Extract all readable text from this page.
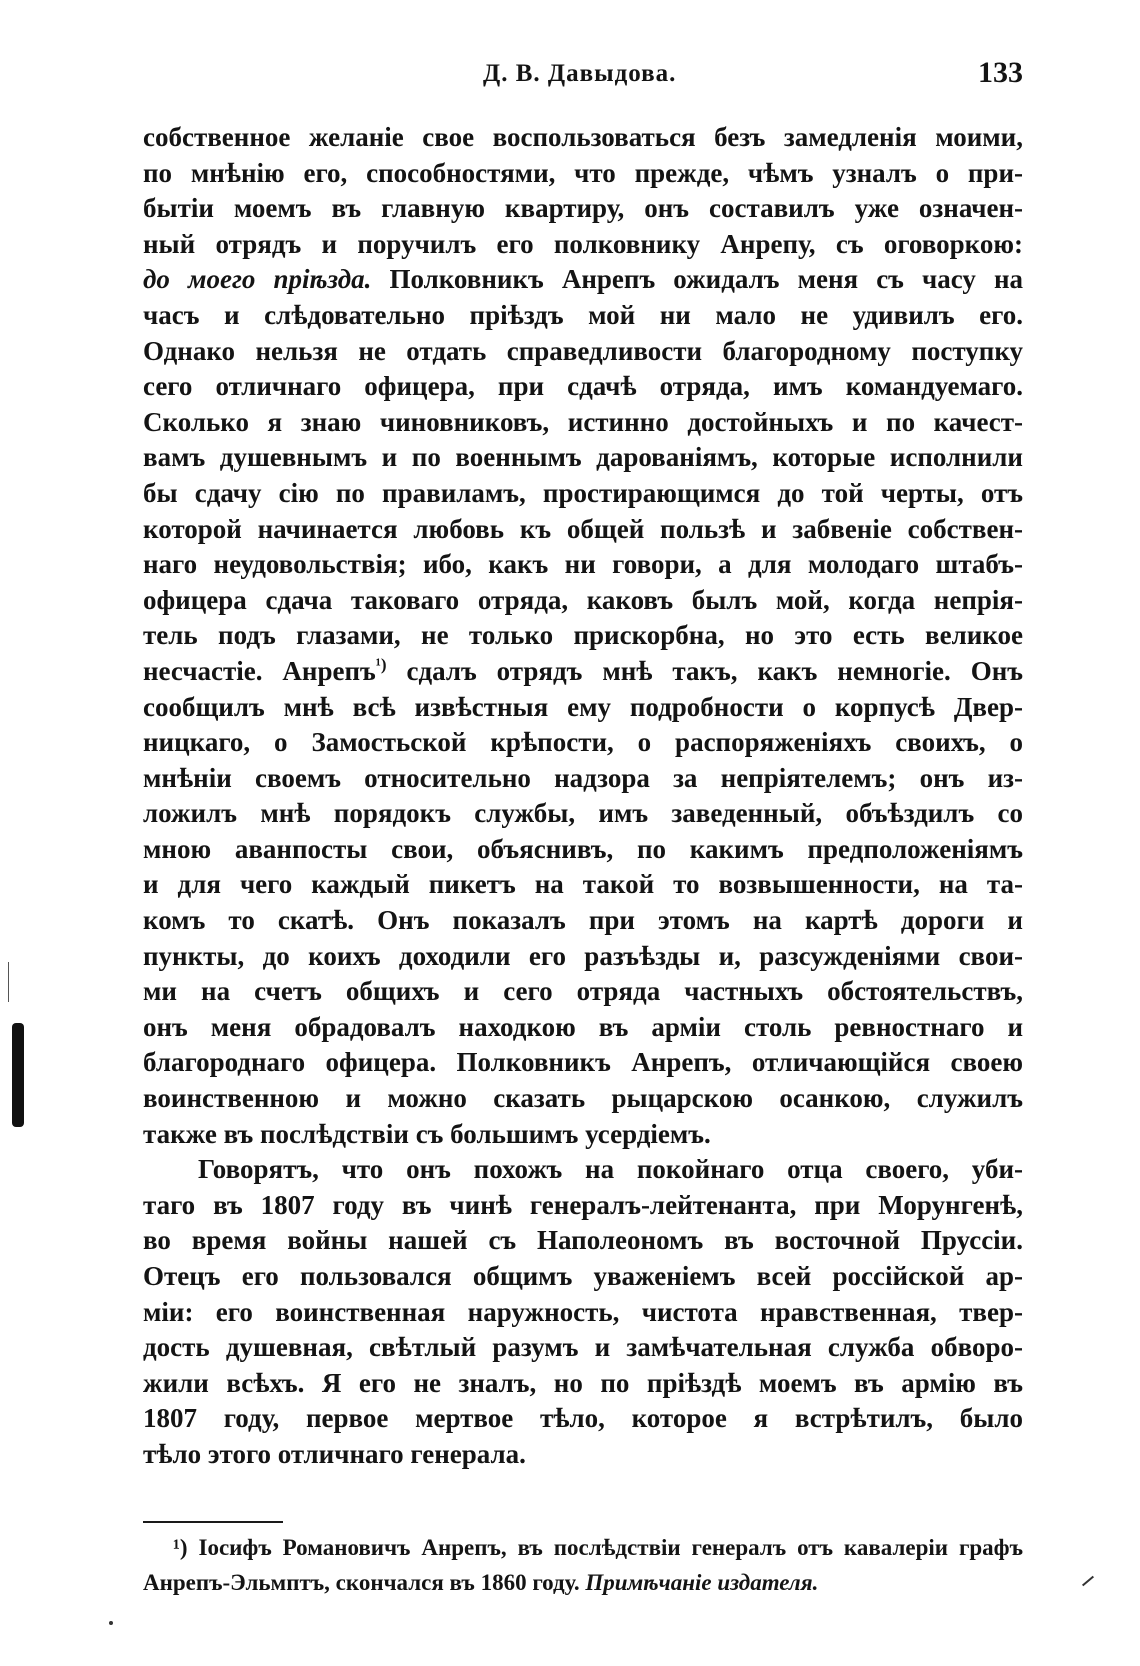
Д. В. Давыдова.	133
собственное желаніе свое воспользоваться безъ замедленія моими,
по мнѣнію его, способностями, что прежде, чѣмъ узналъ о при-
бытіи моемъ въ главную квартиру, онъ составилъ уже означен-
ный отрядъ и поручилъ его полковнику Анрепу, съ оговоркою:
до моего пріѣзда. Полковникъ Анрепъ ожидалъ меня съ часу на
часъ и слѣдовательно пріѣздъ мой ни мало не удивилъ его.
Однако нельзя не отдать справедливости благородному поступку
сего отличнаго офицера, при сдачѣ отряда, имъ командуемаго.
Сколько я знаю чиновниковъ, истинно достойныхъ и по качест-
вамъ душевнымъ и по военнымъ дарованіямъ, которые исполнили
бы сдачу сію по правиламъ, простирающимся до той черты, отъ
которой начинается любовь къ общей пользѣ и забвеніе собствен-
наго неудовольствія; ибо, какъ ни говори, а для молодаго штабъ-
офицера сдача таковаго отряда, каковъ былъ мой, когда непрія-
тель подъ глазами, не только прискорбна, но это есть великое
несчастіе. Анрепъ$^{^1)}$ сдалъ отрядъ мнѣ такъ, какъ немногіе. Онъ
сообщилъ мнѣ всѣ извѣстныя ему подробности о корпусѣ Двер-
ницкаго, о Замостьской крѣпости, о распоряженіяхъ своихъ, о
мнѣніи своемъ относительно надзора за непріятелемъ; онъ из-
ложилъ мнѣ порядокъ службы, имъ заведенный, объѣздилъ со
мною аванпосты свои, объяснивъ, по какимъ предположеніямъ
и для чего каждый пикетъ на такой то возвышенности, на та-
комъ то скатѣ. Онъ показалъ при этомъ на картѣ дороги и
пункты, до коихъ доходили его разъѣзды и, разсужденіями свои-
ми на счетъ общихъ и сего отряда частныхъ обстоятельствъ,
онъ меня обрадовалъ находкою въ арміи столь ревностнаго и
благороднаго офицера. Полковникъ Анрепъ, отличающійся своею
воинственною и можно сказать рыцарскою осанкою, служилъ
также въ послѣдствіи съ большимъ усердіемъ.
Говорятъ, что онъ похожъ на покойнаго отца своего, уби-
таго въ 1807 году въ чинѣ генералъ-лейтенанта, при Морунгенѣ,
во время войны нашей съ Наполеономъ въ восточной Пруссіи.
Отецъ его пользовался общимъ уваженіемъ всей россійской ар-
міи: его воинственная наружность, чистота нравственная, твер-
дость душевная, свѣтлый разумъ и замѣчательная служба обворо-
жили всѣхъ. Я его не зналъ, но по пріѣздѣ моемъ въ армію въ
1807 году, первое мертвое тѣло, которое я встрѣтилъ, было
тѣло этого отличнаго генерала.
¹) Іосифъ Романовичъ Анрепъ, въ послѣдствіи генералъ отъ кавалеріи графъ
Анрепъ-Эльмптъ, скончался въ 1860 году. Примѣчаніе издателя.
